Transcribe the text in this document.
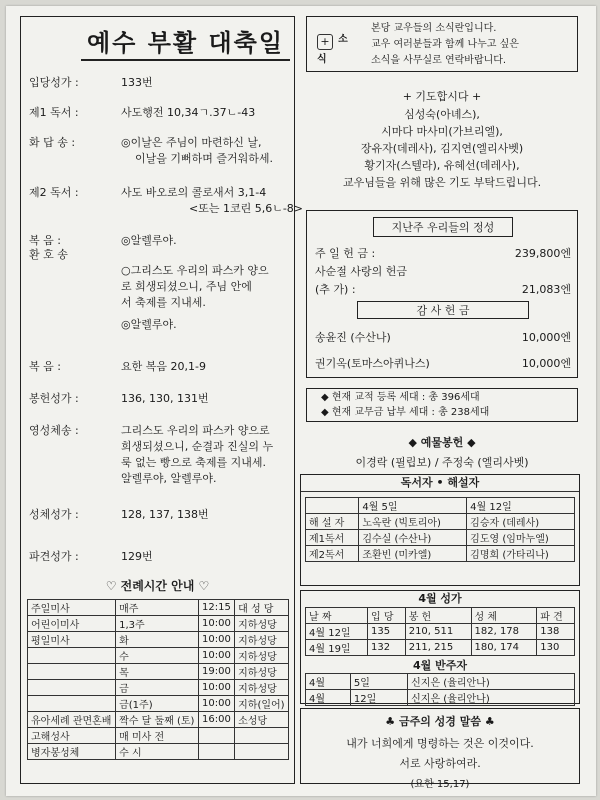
예수 부활 대축일
입당성가 :	133번
제1 독서 :	사도행전 10,34ㄱ.37ㄴ-43
화 답 송 :	◎이날은 주님이 마련하신 날,
이날을 기뻐하며 즐거워하세.
제2 독서 :	사도 바오로의 콜로새서 3,1-4
<또는 1코린 5,6ㄴ-8>
복 음 :
환 호 송
◎알렐루야.
○그리스도 우리의 파스카 양으
로 희생되셨으니, 주님 안에
서 축제를 지내세.
◎알렐루야.
복 음 :	요한 복음 20,1-9
봉헌성가 :	136, 130, 131번
영성체송 :	그리스도 우리의 파스카 양으로
희생되셨으니, 순결과 진실의 누
룩 없는 빵으로 축제를 지내세.
알렐루야, 알렐루야.
성체성가 :	128, 137, 138번
파견성가 :	129번
♡ 전례시간 안내 ♡
주일미사	매주	12:15	대 성 당
어린이미사	1,3주	10:00	지하성당
평일미사	화	10:00	지하성당
	수	10:00	지하성당
	목	19:00	지하성당
	금	10:00	지하성당
	금(1주)	10:00	지하(일어)
유아세례 관면혼배	짝수 달 둘째 (토)	16:00	소성당
고해성사	매 미사 전		
병자봉성체	수 시		
+ 소식
본당 교우들의 소식란입니다.
교우 여러분들과 함께 나누고 싶은
소식을 사무실로 연락바랍니다.
+ 기도합시다 +
심성숙(아녜스),
시마다 마사미(가브리엘),
장유자(데레사), 김지연(엘리사벳)
황기자(스텔라), 유혜선(데레사),
교우님들을 위해 많은 기도 부탁드립니다.
지난주 우리들의 정성
주 일 헌 금 :	239,800엔
사순절 사랑의 헌금
(추 가) :	21,083엔
감 사 헌 금
송윤진 (수산나)	10,000엔
권기옥(토마스아퀴나스)	10,000엔
◆ 현재 교적 등록 세대 : 총 396세대
◆ 현재 교무금 납부 세대 : 총 238세대
◆ 예물봉헌 ◆
이경락 (필립보) / 주정숙 (엘리사벳)
독서자 • 해설자
	4월 5일	4월 12일
해 설 자	노옥란 (빅토리아)	김승자 (데레사)
제1독서	김수실 (수산나)	김도영 (임마누엘)
제2독서	조환빈 (미카엘)	김명희 (가타리나)
4월 성가
날 짜	입 당	봉 헌	성 체	파 견
4월 12일	135	210, 511	182, 178	138
4월 19일	132	211, 215	180, 174	130
4월 반주자
4월	5일	신지은 (율리안나)
4월	12일	신지은 (율리안나)
♣ 금주의 성경 말씀 ♣
내가 너희에게 명령하는 것은 이것이다.
서로 사랑하여라.
(요한 15,17)
